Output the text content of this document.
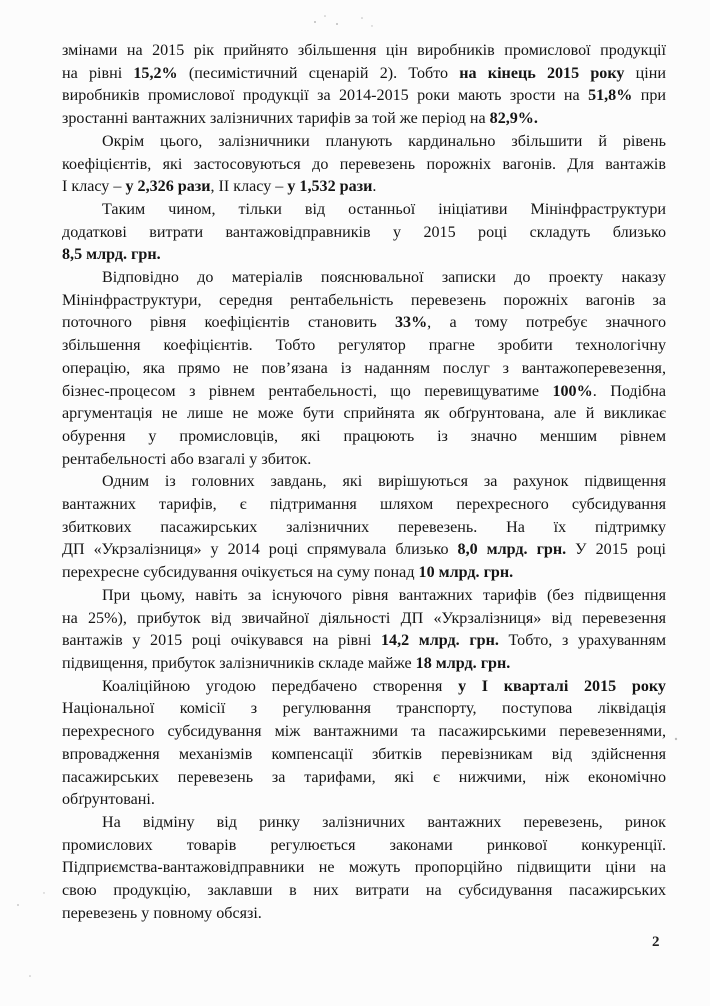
змінами на 2015 рік прийнято збільшення цін виробників промислової продукції
на рівні 15,2% (песимістичний сценарій 2). Тобто на кінець 2015 року ціни
виробників промислової продукції за 2014-2015 роки мають зрости на 51,8% при
зростанні вантажних залізничних тарифів за той же період на 82,9%.
Окрім цього, залізничники планують кардинально збільшити й рівень
коефіцієнтів, які застосовуються до перевезень порожніх вагонів. Для вантажів
І класу – у 2,326 рази, ІІ класу – у 1,532 рази.
Таким чином, тільки від останньої ініціативи Мінінфраструктури
додаткові витрати вантажовідправників у 2015 році складуть близько
8,5 млрд. грн.
Відповідно до матеріалів пояснювальної записки до проекту наказу
Мінінфраструктури, середня рентабельність перевезень порожніх вагонів за
поточного рівня коефіцієнтів становить 33%, а тому потребує значного
збільшення коефіцієнтів. Тобто регулятор прагне зробити технологічну
операцію, яка прямо не пов’язана із наданням послуг з вантажоперевезення,
бізнес-процесом з рівнем рентабельності, що перевищуватиме 100%. Подібна
аргументація не лише не може бути сприйнята як обґрунтована, але й викликає
обурення у промисловців, які працюють із значно меншим рівнем
рентабельності або взагалі у збиток.
Одним із головних завдань, які вирішуються за рахунок підвищення
вантажних тарифів, є підтримання шляхом перехресного субсидування
збиткових пасажирських залізничних перевезень. На їх підтримку
ДП «Укрзалізниця» у 2014 році спрямувала близько 8,0 млрд. грн. У 2015 році
перехресне субсидування очікується на суму понад 10 млрд. грн.
При цьому, навіть за існуючого рівня вантажних тарифів (без підвищення
на 25%), прибуток від звичайної діяльності ДП «Укрзалізниця» від перевезення
вантажів у 2015 році очікувався на рівні 14,2 млрд. грн. Тобто, з урахуванням
підвищення, прибуток залізничників складе майже 18 млрд. грн.
Коаліційною угодою передбачено створення у І кварталі 2015 року
Національної комісії з регулювання транспорту, поступова ліквідація
перехресного субсидування між вантажними та пасажирськими перевезеннями,
впровадження механізмів компенсації збитків перевізникам від здійснення
пасажирських перевезень за тарифами, які є нижчими, ніж економічно
обґрунтовані.
На відміну від ринку залізничних вантажних перевезень, ринок
промислових товарів регулюється законами ринкової конкуренції.
Підприємства-вантажовідправники не можуть пропорційно підвищити ціни на
свою продукцію, заклавши в них витрати на субсидування пасажирських
перевезень у повному обсязі.
2
